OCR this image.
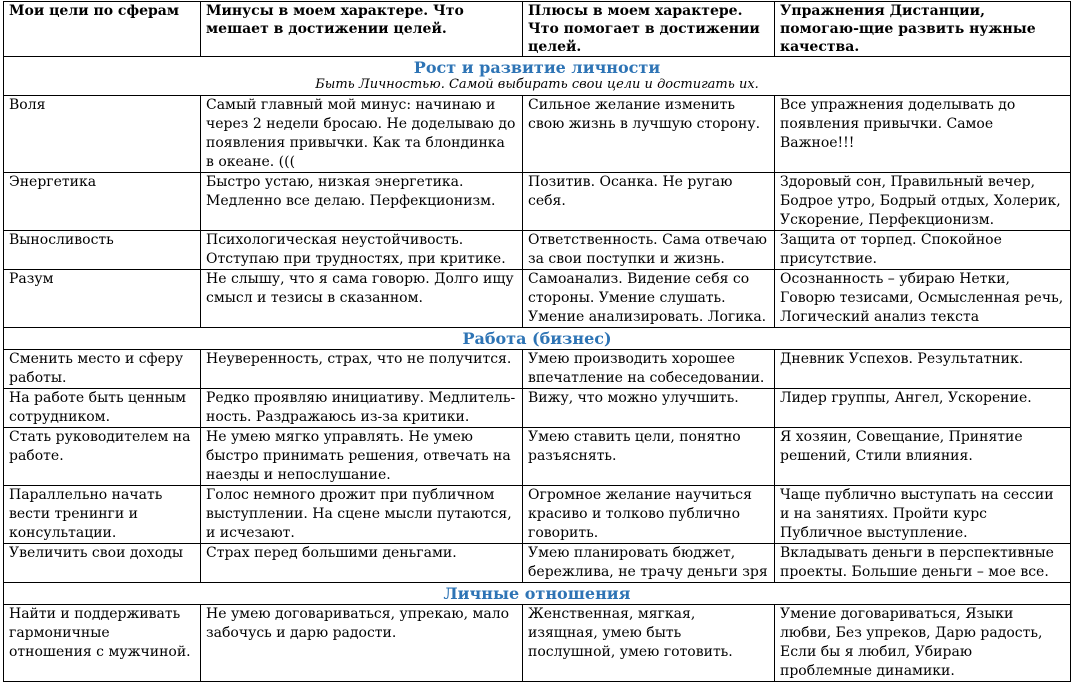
Мои цели по сферам	Минусы в моем характере. Что мешает в достижении целей.	Плюсы в моем характере. Что помогает в достижении целей.	Упражнения Дистанции, помогаю-щие развить нужные качества.

Рост и развитие личности
Быть Личностью. Самой выбирать свои цели и достигать их.			

Воля	Самый главный мой минус: начинаю и через 2 недели бросаю. Не доделываю до появления привычки. Как та блондинка в океане. (((	Сильное желание изменить свою жизнь в лучшую сторону.	Все упражнения доделывать до появления привычки. Самое Важное!!!
Энергетика	Быстро устаю, низкая энергетика. Медленно все делаю. Перфекционизм.	Позитив. Осанка. Не ругаю себя.	Здоровый сон, Правильный вечер, Бодрое утро, Бодрый отдых, Холерик, Ускорение, Перфекционизм.
Выносливость	Психологическая неустойчивость. Отступаю при трудностях, при критике.	Ответственность. Сама отвечаю за свои поступки и жизнь.	Защита от торпед. Спокойное присутствие.
Разум	Не слышу, что я сама говорю. Долго ищу смысл и тезисы в сказанном.	Самоанализ. Видение себя со стороны. Умение слушать. Умение анализировать. Логика.	Осознанность – убираю Нетки, Говорю тезисами, Осмысленная речь, Логический анализ текста
Работа (бизнес)			
Сменить место и сферу работы.	Неуверенность, страх, что не получится.	Умею производить хорошее впечатление на собеседовании.	Дневник Успехов. Результатник.
На работе быть ценным сотрудником.	Редко проявляю инициативу. Медлитель-ность. Раздражаюсь из-за критики.	Вижу, что можно улучшить.	Лидер группы, Ангел, Ускорение.
Стать руководителем на работе.	Не умею мягко управлять. Не умею быстро принимать решения, отвечать на наезды и непослушание.	Умею ставить цели, понятно разъяснять.	Я хозяин, Совещание, Принятие решений, Стили влияния.
Параллельно начать вести тренинги и консультации.	Голос немного дрожит при публичном выступлении. На сцене мысли путаются, и исчезают.	Огромное желание научиться красиво и толково публично говорить.	Чаще публично выступать на сессии и на занятиях. Пройти курс Публичное выступление.
Увеличить свои доходы	Страх перед большими деньгами.	Умею планировать бюджет, бережлива, не трачу деньги зря	Вкладывать деньги в перспективные проекты. Большие деньги – мое все.
Личные отношения			
Найти и поддерживать гармоничные отношения с мужчиной.	Не умею договариваться, упрекаю, мало забочусь и дарю радости.	Женственная, мягкая, изящная, умею быть послушной, умею готовить.	Умение договариваться, Языки любви, Без упреков, Дарю радость, Если бы я любил, Убираю проблемные динамики.
